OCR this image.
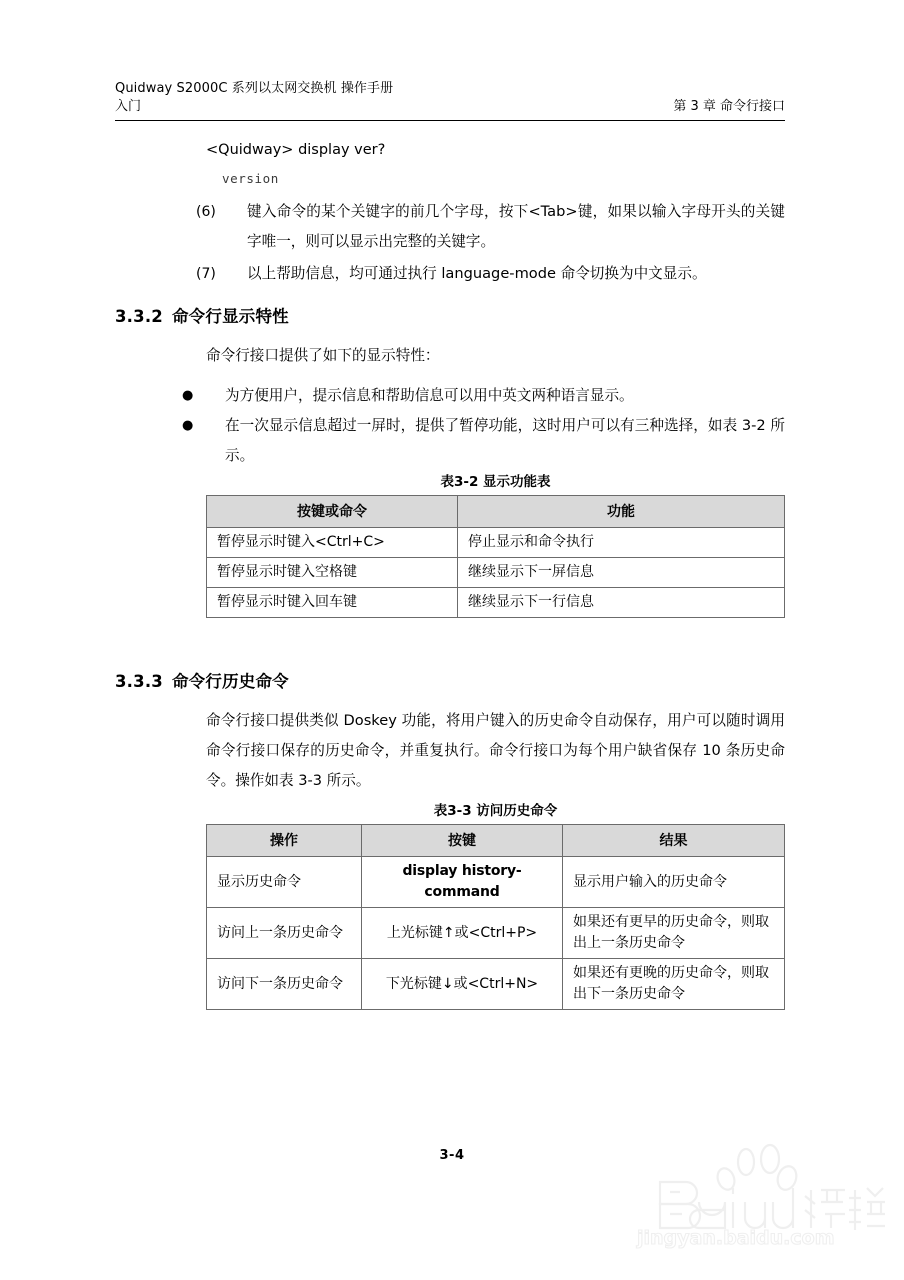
Quidway S2000C 系列以太网交换机 操作手册
入门	第 3 章 命令行接口
<Quidway> display ver?
version
(6) 键入命令的某个关键字的前几个字母，按下<Tab>键，如果以输入字母开头的关键字唯一，则可以显示出完整的关键字。
(7) 以上帮助信息，均可通过执行 language-mode 命令切换为中文显示。
3.3.2 命令行显示特性

命令行接口提供了如下的显示特性：

● 为方便用户，提示信息和帮助信息可以用中英文两种语言显示。
● 在一次显示信息超过一屏时，提供了暂停功能，这时用户可以有三种选择，如表 3-2 所示。
表3-2 显示功能表
按键或命令	功能
暂停显示时键入<Ctrl+C>	停止显示和命令执行
暂停显示时键入空格键	继续显示下一屏信息
暂停显示时键入回车键	继续显示下一行信息
3.3.3 命令行历史命令

命令行接口提供类似 Doskey 功能，将用户键入的历史命令自动保存，用户可以随时调用命令行接口保存的历史命令，并重复执行。命令行接口为每个用户缺省保存 10 条历史命令。操作如表 3-3 所示。

表3-3 访问历史命令
操作	按键	结果
显示历史命令	display history-command	显示用户输入的历史命令
访问上一条历史命令	上光标键↑或<Ctrl+P>	如果还有更早的历史命令，则取出上一条历史命令
访问下一条历史命令	下光标键↓或<Ctrl+N>	如果还有更晚的历史命令，则取出下一条历史命令
3-4
jingyan.baidu.com
